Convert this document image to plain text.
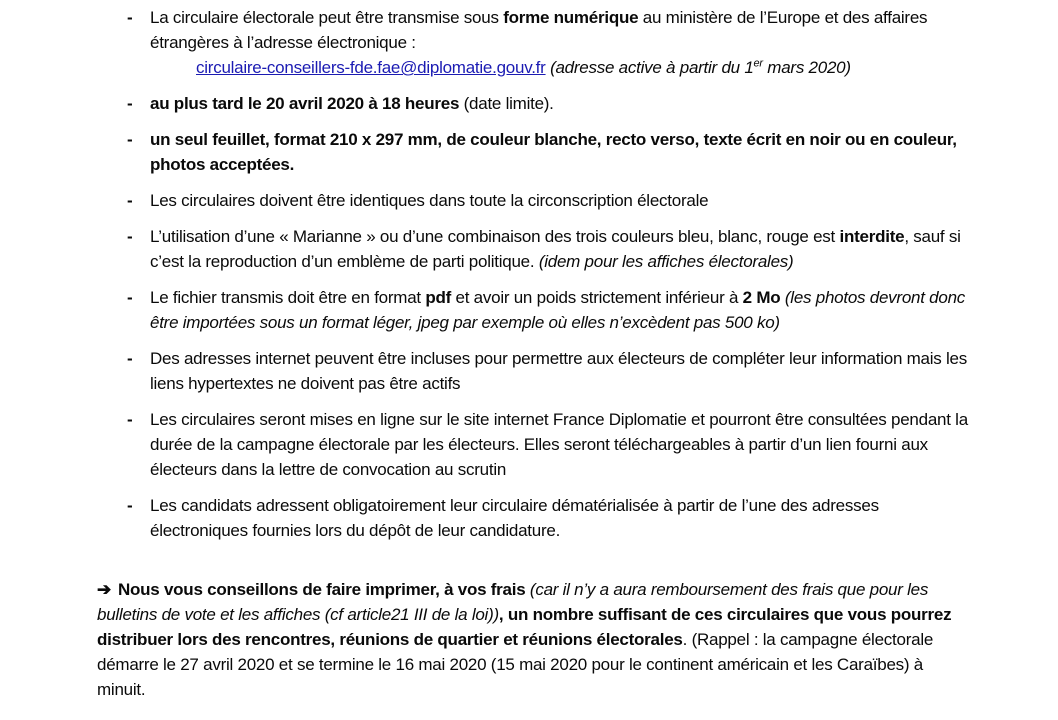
-	La circulaire électorale peut être transmise sous forme numérique au ministère de l’Europe et des affaires étrangères à l’adresse électronique :
circulaire-conseillers-fde.fae@diplomatie.gouv.fr (adresse active à partir du 1er mars 2020)
-	au plus tard le 20 avril 2020 à 18 heures (date limite).
-	un seul feuillet, format 210 x 297 mm, de couleur blanche, recto verso, texte écrit en noir ou en couleur, photos acceptées.
-	Les circulaires doivent être identiques dans toute la circonscription électorale
-	L’utilisation d’une « Marianne » ou d’une combinaison des trois couleurs bleu, blanc, rouge est interdite, sauf si c’est la reproduction d’un emblème de parti politique. (idem pour les affiches électorales)
-	Le fichier transmis doit être en format pdf et avoir un poids strictement inférieur à 2 Mo (les photos devront donc être importées sous un format léger, jpeg par exemple où elles n’excèdent pas 500 ko)
-	Des adresses internet peuvent être incluses pour permettre aux électeurs de compléter leur information mais les liens hypertextes ne doivent pas être actifs
-	Les circulaires seront mises en ligne sur le site internet France Diplomatie et pourront être consultées pendant la durée de la campagne électorale par les électeurs. Elles seront téléchargeables à partir d’un lien fourni aux électeurs dans la lettre de convocation au scrutin
-	Les candidats adressent obligatoirement leur circulaire dématérialisée à partir de l’une des adresses électroniques fournies lors du dépôt de leur candidature.
➔ Nous vous conseillons de faire imprimer, à vos frais (car il n’y a aura remboursement des frais que pour les bulletins de vote et les affiches (cf article21 III de la loi)), un nombre suffisant de ces circulaires que vous pourrez distribuer lors des rencontres, réunions de quartier et réunions électorales. (Rappel : la campagne électorale démarre le 27 avril 2020 et se termine le 16 mai 2020 (15 mai 2020 pour le continent américain et les Caraïbes) à minuit.
